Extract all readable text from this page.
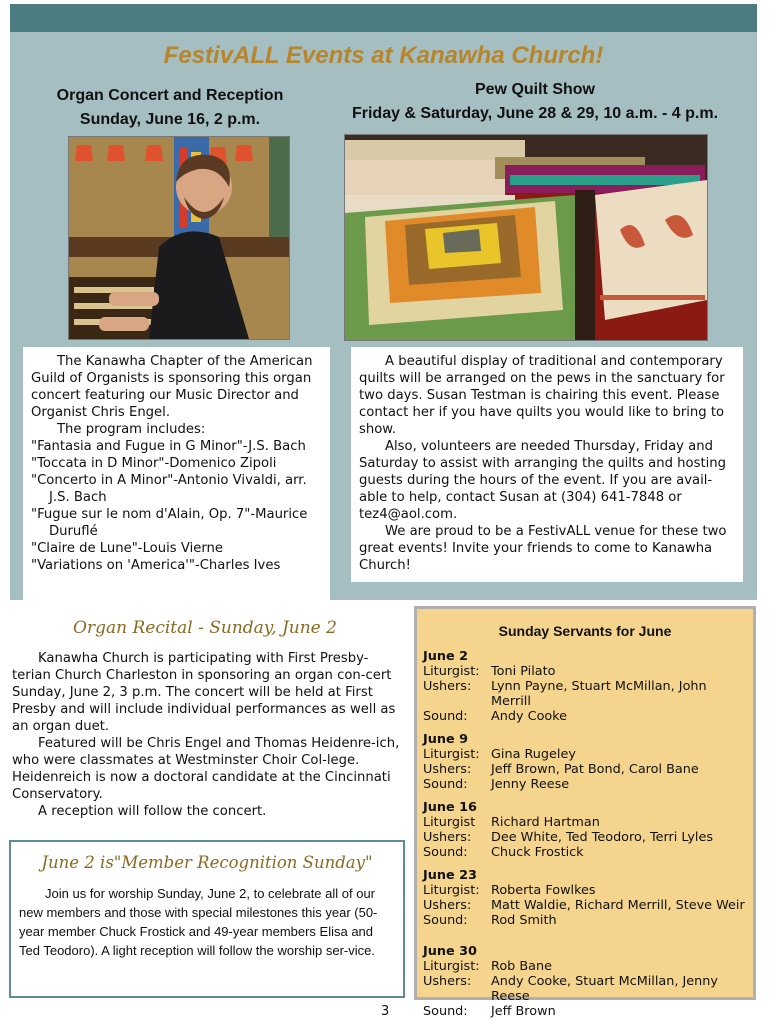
FestivALL Events at Kanawha Church!
Organ Concert and Reception
Sunday, June 16, 2 p.m.
Pew Quilt Show
Friday & Saturday, June 28 & 29, 10 a.m. - 4 p.m.

The Kanawha Chapter of the American Guild of Organists is sponsoring this organ concert featuring our Music Director and Organist Chris Engel.

The program includes:

"Fantasia and Fugue in G Minor"-J.S. Bach

"Toccata in D Minor"-Domenico Zipoli

"Concerto in A Minor"-Antonio Vivaldi, arr. J.S. Bach

"Fugue sur le nom d'Alain, Op. 7"-Maurice Duruflé

"Claire de Lune"-Louis Vierne

"Variations on 'America'"-Charles Ives

A beautiful display of traditional and contemporary quilts will be arranged on the pews in the sanctuary for two days. Susan Testman is chairing this event. Please contact her if you have quilts you would like to bring to show.

Also, volunteers are needed Thursday, Friday and Saturday to assist with arranging the quilts and hosting guests during the hours of the event. If you are avail-able to help, contact Susan at (304) 641-7848 or tez4@aol.com.

We are proud to be a FestivALL venue for these two great events! Invite your friends to come to Kanawha Church!

Organ Recital - Sunday, June 2

Kanawha Church is participating with First Presby-terian Church Charleston in sponsoring an organ con-cert Sunday, June 2, 3 p.m. The concert will be held at First Presby and will include individual performances as well as an organ duet.

Featured will be Chris Engel and Thomas Heidenre-ich, who were classmates at Westminster Choir Col-lege. Heidenreich is now a doctoral candidate at the Cincinnati Conservatory.

A reception will follow the concert.

June 2 is"Member Recognition Sunday"

Join us for worship Sunday, June 2, to celebrate all of our new members and those with special milestones this year (50-year member Chuck Frostick and 49-year members Elisa and Ted Teodoro). A light reception will follow the worship ser-vice.

Sunday Servants for June
June 2
Liturgist: Toni Pilato
Ushers:	Lynn Payne, Stuart McMillan, John Merrill
Sound:	Andy Cooke
June 9
Liturgist: Gina Rugeley
Ushers:	Jeff Brown, Pat Bond, Carol Bane
Sound:	Jenny Reese
June 16
Liturgist	Richard Hartman
Ushers:	Dee White, Ted Teodoro, Terri Lyles
Sound:	Chuck Frostick
June 23
Liturgist: Roberta Fowlkes
Ushers:	Matt Waldie, Richard Merrill, Steve Weir
Sound:	Rod Smith
June 30
Liturgist: Rob Bane
Ushers:	Andy Cooke, Stuart McMillan, Jenny Reese
Sound:	Jeff Brown
3
